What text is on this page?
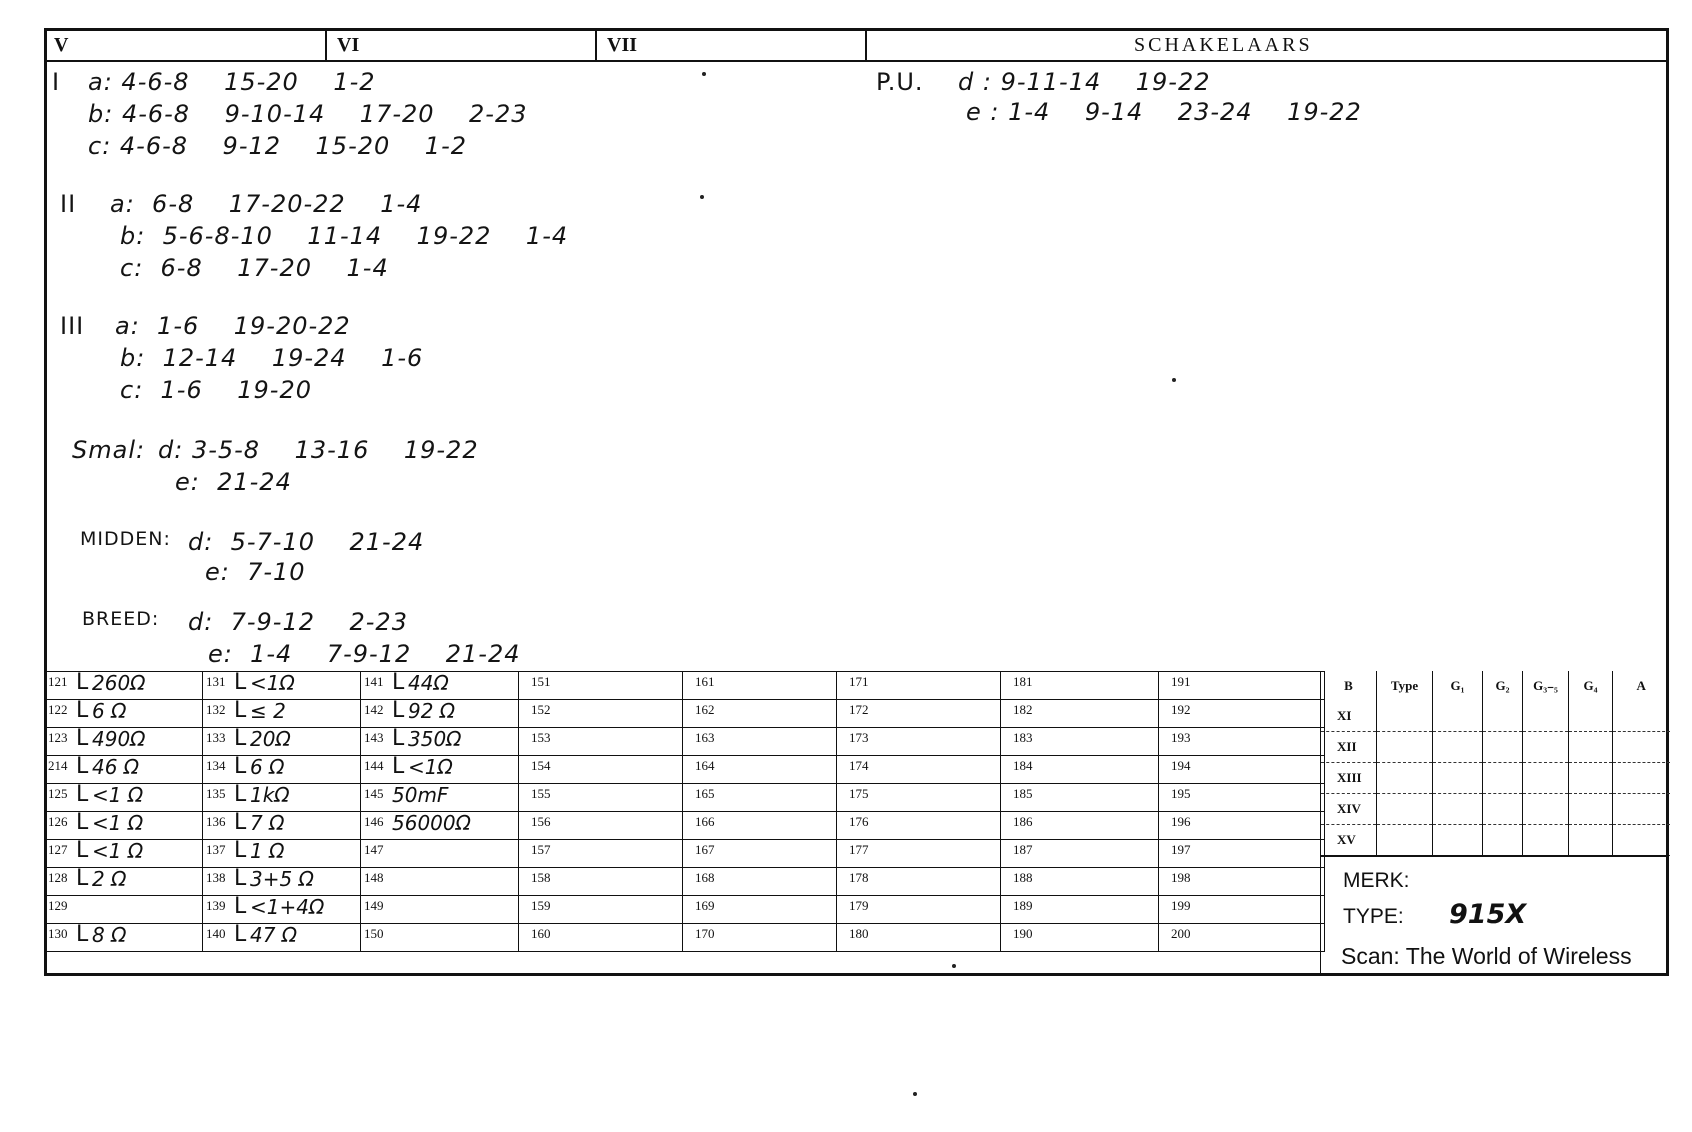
V	VI	VII	SCHAKELAARS
I a: 4-6-8    15-20    1-2
b: 4-6-8    9-10-14    17-20    2-23
c: 4-6-8    9-12    15-20    1-2
II a:  6-8    17-20-22    1-4
b:  5-6-8-10    11-14    19-22    1-4
c:  6-8    17-20    1-4
III a:  1-6    19-20-22
b:  12-14    19-24    1-6
c:  1-6    19-20
Smal: d: 3-5-8    13-16    19-22
e:  21-24
MIDDEN: d:  5-7-10    21-24
e:  7-10
BREED: d:  7-9-12    2-23
e:  1-4    7-9-12    21-24
P.U. d : 9-11-14    19-22
e : 1-4    9-14    23-24    19-22
121 L 260Ω	131 L <1Ω	141 L 44Ω	151	161	171	181	191
122 L 6 Ω	132 L ≤ 2	142 L 92 Ω	152	162	172	182	192
123 L 490Ω	133 L 20Ω	143 L 350Ω	153	163	173	183	193
214 L 46 Ω	134 L 6 Ω	144 L <1Ω	154	164	174	184	194
125 L <1 Ω	135 L 1kΩ	145 50mF	155	165	175	185	195
126 L <1 Ω	136 L 7 Ω	146 56000Ω	156	166	176	186	196
127 L <1 Ω	137 L 1 Ω	147	157	167	177	187	197
128 L 2 Ω	138 L 3+5 Ω	148	158	168	178	188	198
129	139 L <1+4Ω	149	159	169	179	189	199
130 L 8 Ω	140 L 47 Ω	150	160	170	180	190	200
B	Type	G₁	G₂	G₃₋₅	G₄	A
XI						
XII						
XIII						
XIV						
XV						
MERK:
TYPE: 915X
Scan: The World of Wireless
